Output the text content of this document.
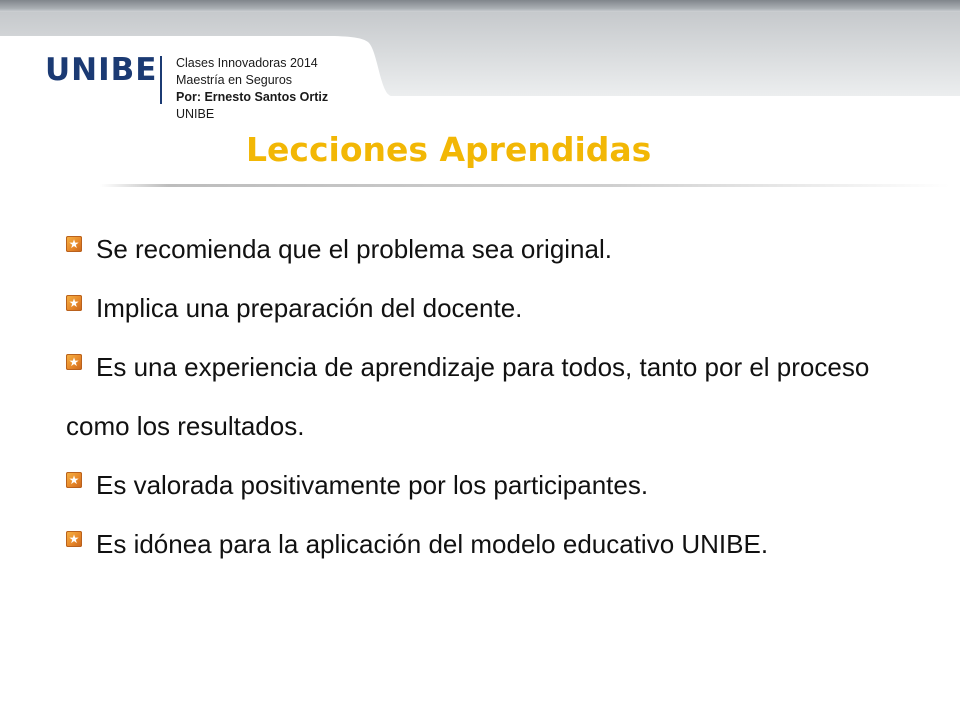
UNIBE Clases Innovadoras 2014
Maestría en Seguros
Por: Ernesto Santos Ortiz
UNIBE
Lecciones Aprendidas

★Se recomienda que el problema sea original.

★Implica una preparación del docente.

★Es una experiencia de aprendizaje para todos, tanto por el proceso como los resultados.

★Es valorada positivamente por los participantes.

★Es idónea para la aplicación del modelo educativo UNIBE.
